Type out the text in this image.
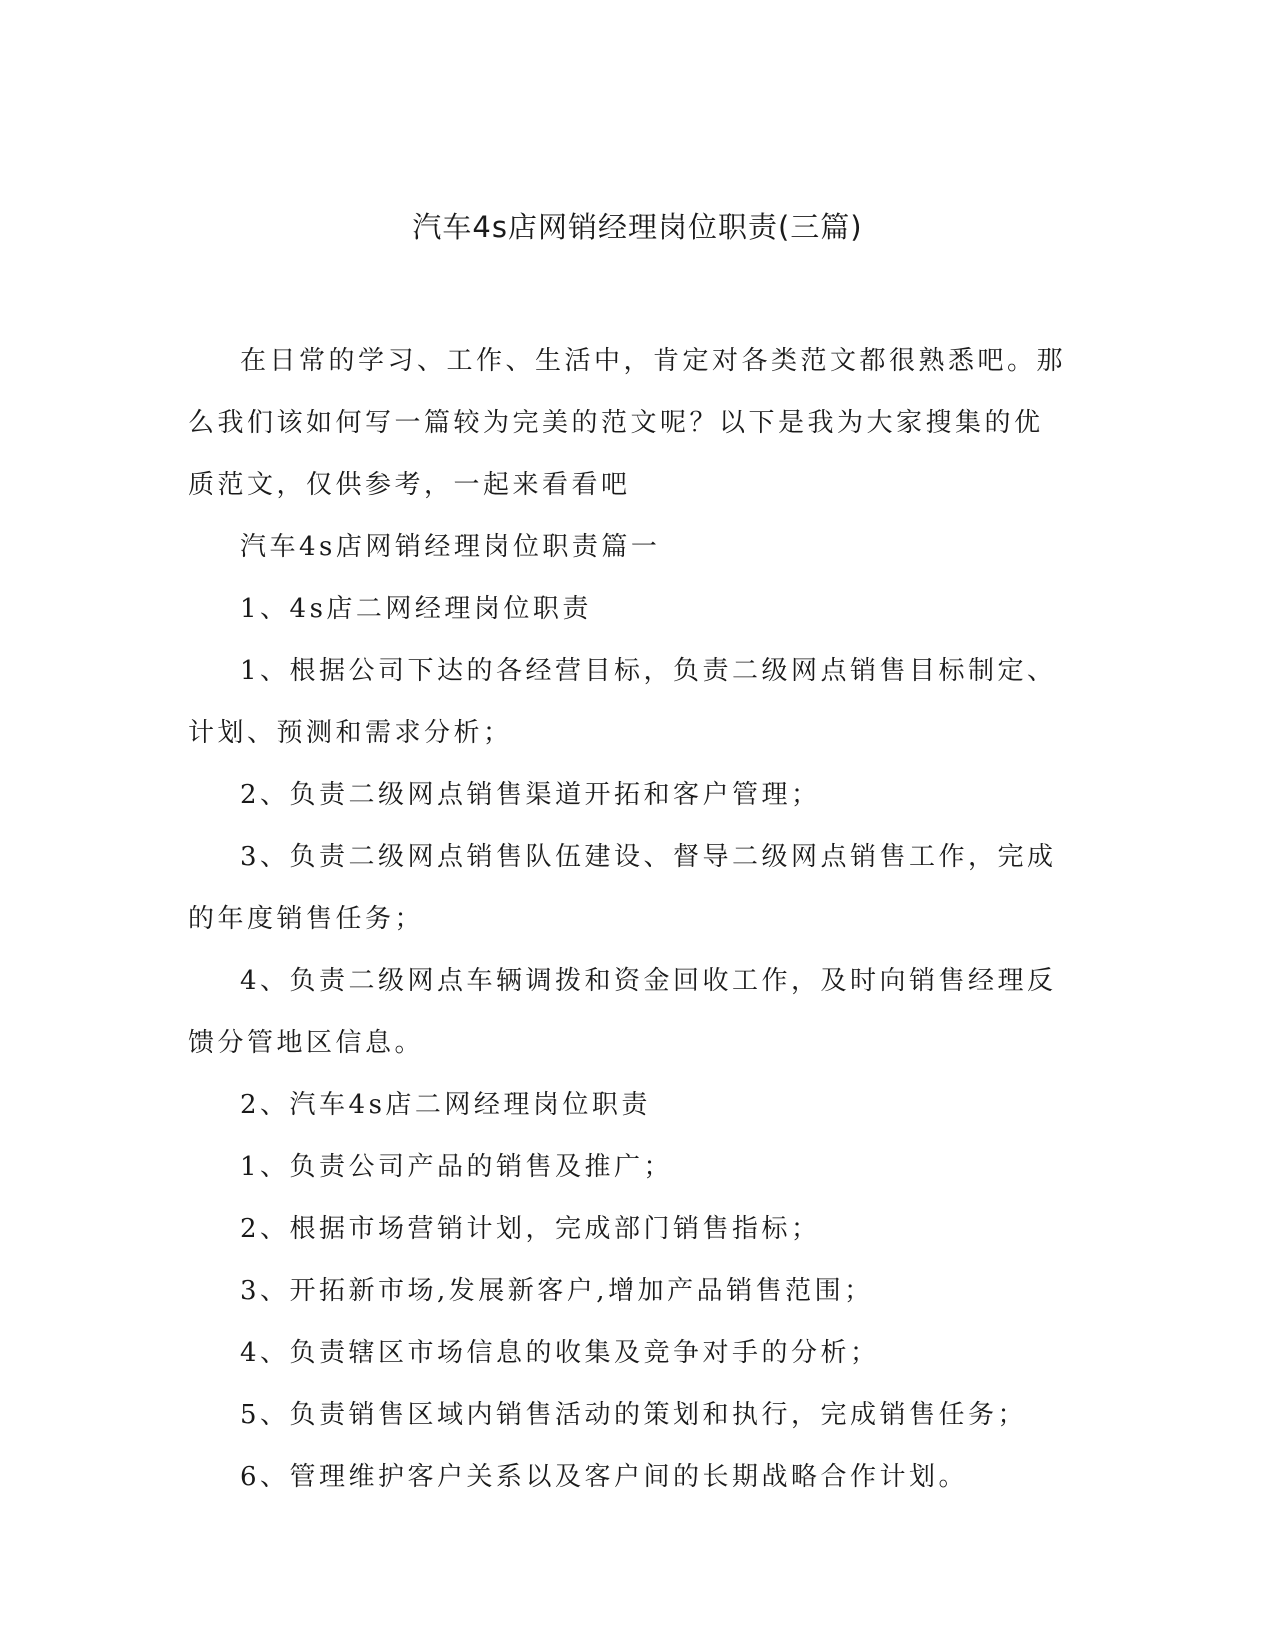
汽车4s店网销经理岗位职责(三篇)

在日常的学习、工作、生活中，肯定对各类范文都很熟悉吧。那么我们该如何写一篇较为完美的范文呢？以下是我为大家搜集的优质范文，仅供参考，一起来看看吧

汽车4s店网销经理岗位职责篇一

1、4s店二网经理岗位职责

1、根据公司下达的各经营目标，负责二级网点销售目标制定、计划、预测和需求分析；

2、负责二级网点销售渠道开拓和客户管理；

3、负责二级网点销售队伍建设、督导二级网点销售工作，完成的年度销售任务；

4、负责二级网点车辆调拨和资金回收工作，及时向销售经理反馈分管地区信息。

2、汽车4s店二网经理岗位职责

1、负责公司产品的销售及推广；

2、根据市场营销计划，完成部门销售指标；

3、开拓新市场,发展新客户,增加产品销售范围；

4、负责辖区市场信息的收集及竞争对手的分析；

5、负责销售区域内销售活动的策划和执行，完成销售任务；

6、管理维护客户关系以及客户间的长期战略合作计划。
